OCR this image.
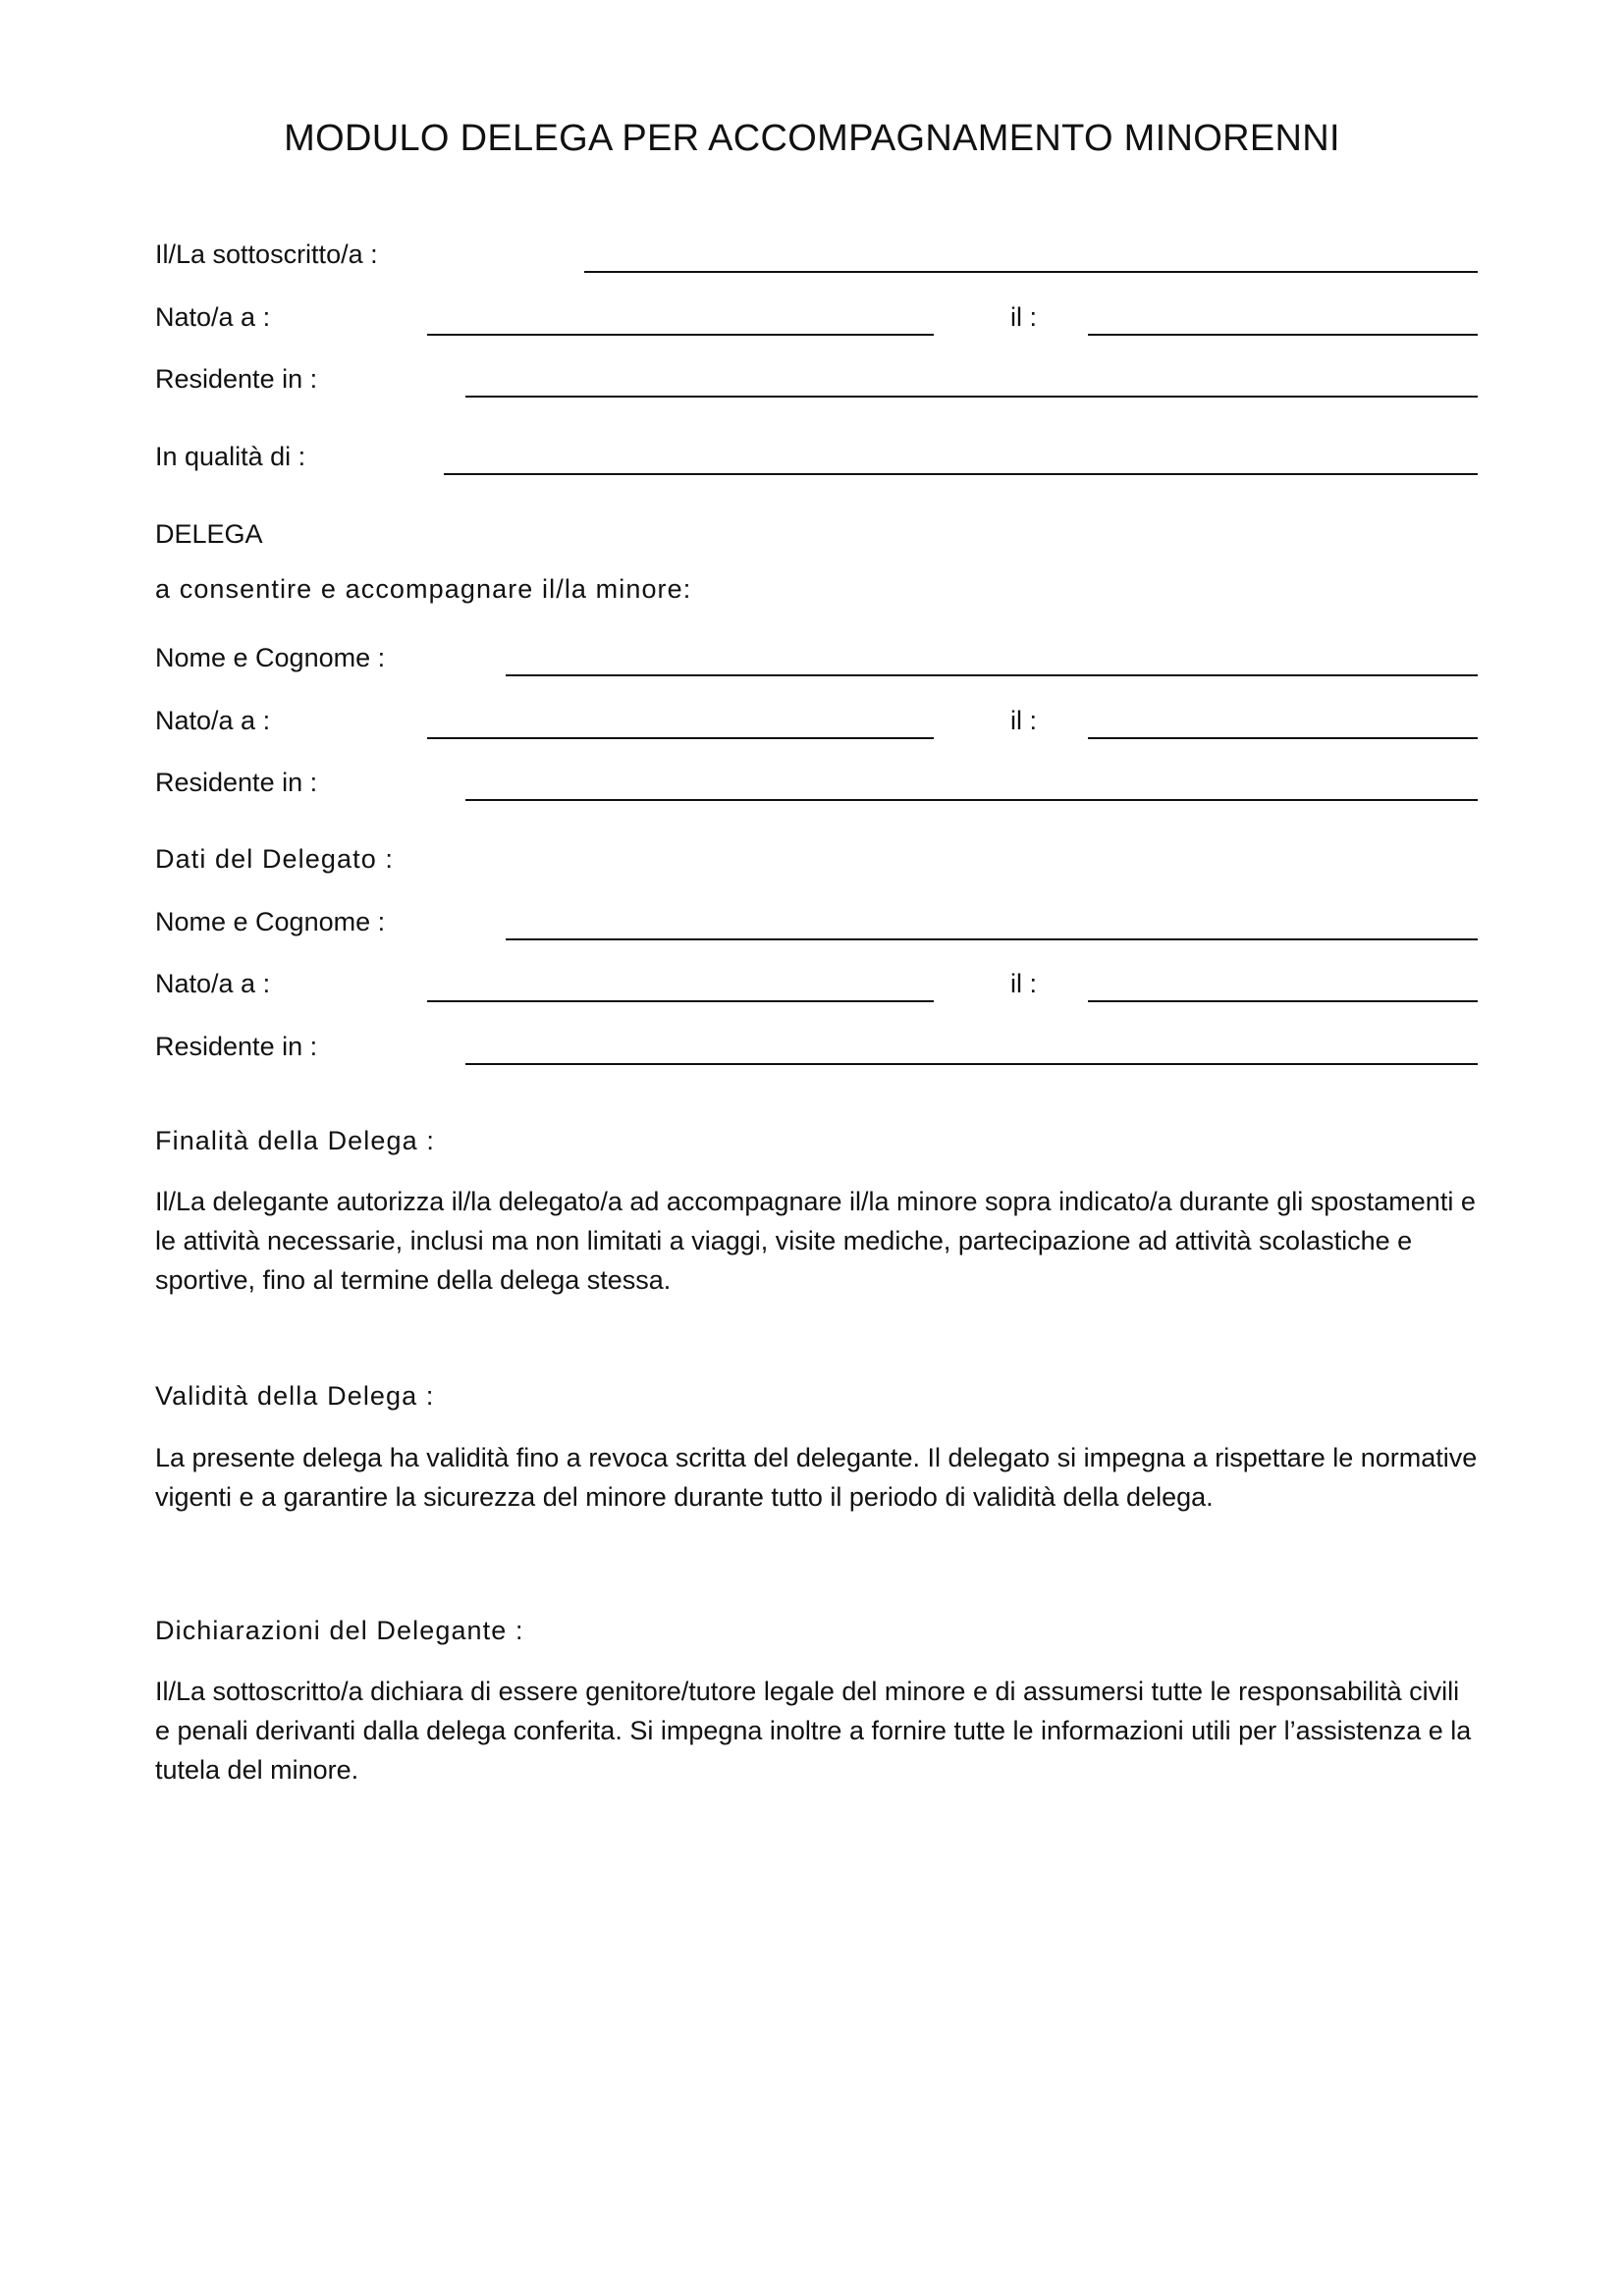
MODULO DELEGA PER ACCOMPAGNAMENTO MINORENNI
Il/La sottoscritto/a :
Nato/a a :	il :
Residente in :
In qualità di :
DELEGA
a consentire e accompagnare il/la minore:
Nome e Cognome :
Nato/a a :	il :
Residente in :
Dati del Delegato :
Nome e Cognome :
Nato/a a :	il :
Residente in :
Finalità della Delega :
Il/La delegante autorizza il/la delegato/a ad accompagnare il/la minore sopra indicato/a durante gli spostamenti e le attività necessarie, inclusi ma non limitati a viaggi, visite mediche, partecipazione ad attività scolastiche e sportive, fino al termine della delega stessa.
Validità della Delega :
La presente delega ha validità fino a revoca scritta del delegante. Il delegato si impegna a rispettare le normative vigenti e a garantire la sicurezza del minore durante tutto il periodo di validità della delega.
Dichiarazioni del Delegante :
Il/La sottoscritto/a dichiara di essere genitore/tutore legale del minore e di assumersi tutte le responsabilità civili e penali derivanti dalla delega conferita. Si impegna inoltre a fornire tutte le informazioni utili per l’assistenza e la tutela del minore.
